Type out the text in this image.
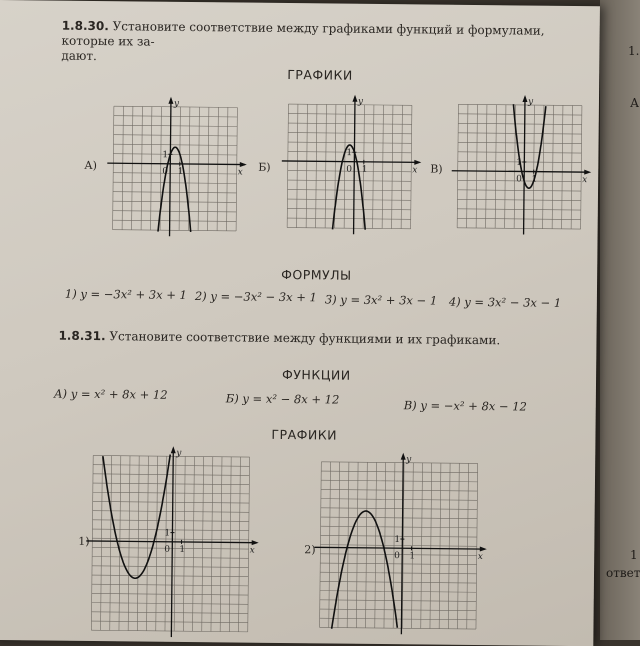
1.
А
1
ответ
1.8.30. Установите соответствие между графиками функций и формулами, которые их за-
дают.
ГРАФИКИ
А)
x
y
0 1
1
Б)	x
y
0 1
1
В)
x
y
0 1
1
ФОРМУЛЫ
1) y = −3x² + 3x + 1 2) y = −3x² − 3x + 1 3) y = 3x² + 3x − 1 4) y = 3x² − 3x − 1
1.8.31. Установите соответствие между функциями и их графиками.
ФУНКЦИИ
А) y = x² + 8x + 12	Б) y = x² − 8x + 12	В) y = −x² + 8x − 12
ГРАФИКИ
1)
x
y
0 1
1
2)
x
y
0 1
1
